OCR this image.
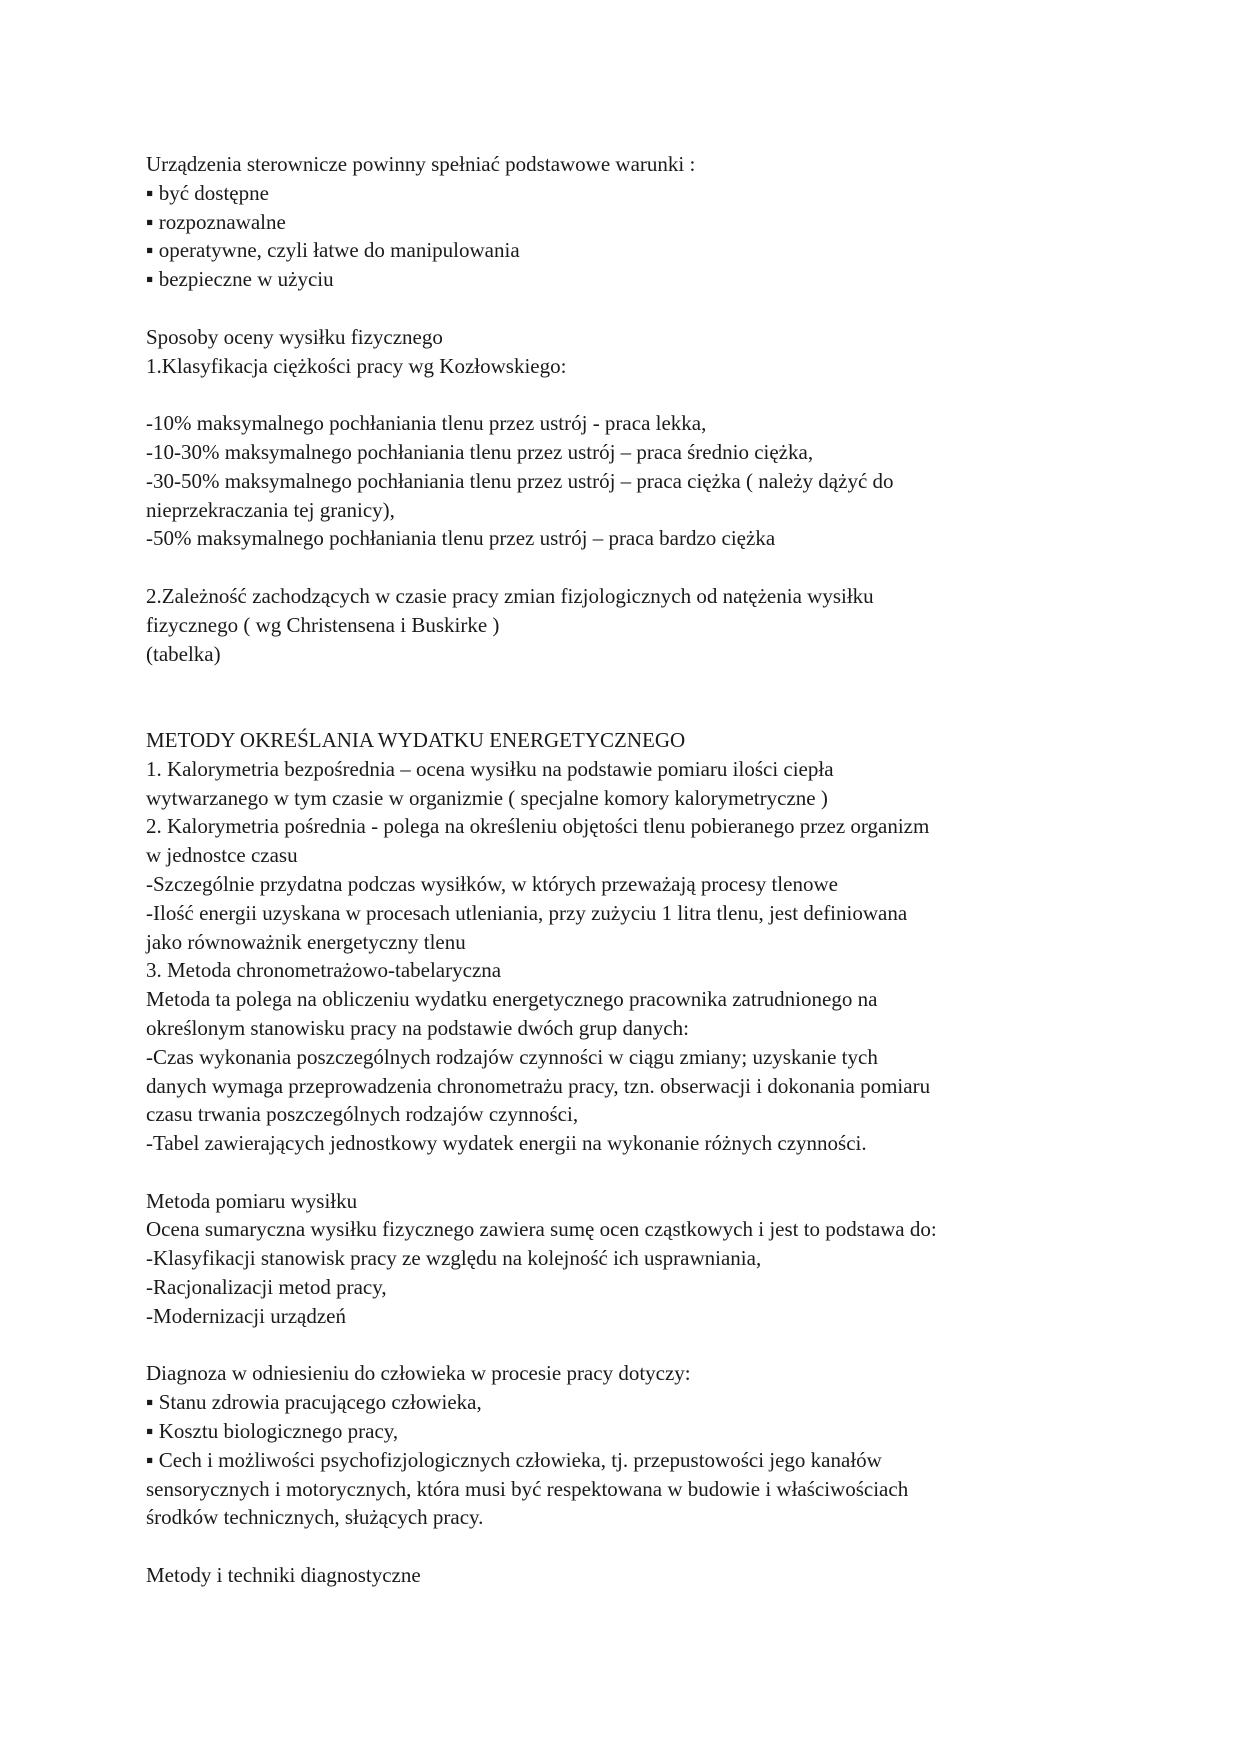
Urządzenia sterownicze powinny spełniać podstawowe warunki :
▪ być dostępne
▪ rozpoznawalne
▪ operatywne, czyli łatwe do manipulowania
▪ bezpieczne w użyciu
Sposoby oceny wysiłku fizycznego
1.Klasyfikacja ciężkości pracy wg Kozłowskiego:
-10% maksymalnego pochłaniania tlenu przez ustrój - praca lekka,
-10-30% maksymalnego pochłaniania tlenu przez ustrój – praca średnio ciężka,
-30-50% maksymalnego pochłaniania tlenu przez ustrój – praca ciężka ( należy dążyć do
nieprzekraczania tej granicy),
-50% maksymalnego pochłaniania tlenu przez ustrój – praca bardzo ciężka
2.Zależność zachodzących w czasie pracy zmian fizjologicznych od natężenia wysiłku
fizycznego ( wg Christensena i Buskirke )
(tabelka)
METODY OKREŚLANIA WYDATKU ENERGETYCZNEGO
1. Kalorymetria bezpośrednia – ocena wysiłku na podstawie pomiaru ilości ciepła
wytwarzanego w tym czasie w organizmie ( specjalne komory kalorymetryczne )
2. Kalorymetria pośrednia - polega na określeniu objętości tlenu pobieranego przez organizm
w jednostce czasu
-Szczególnie przydatna podczas wysiłków, w których przeważają procesy tlenowe
-Ilość energii uzyskana w procesach utleniania, przy zużyciu 1 litra tlenu, jest definiowana
jako równoważnik energetyczny tlenu
3. Metoda chronometrażowo-tabelaryczna
Metoda ta polega na obliczeniu wydatku energetycznego pracownika zatrudnionego na
określonym stanowisku pracy na podstawie dwóch grup danych:
-Czas wykonania poszczególnych rodzajów czynności w ciągu zmiany; uzyskanie tych
danych wymaga przeprowadzenia chronometrażu pracy, tzn. obserwacji i dokonania pomiaru
czasu trwania poszczególnych rodzajów czynności,
-Tabel zawierających jednostkowy wydatek energii na wykonanie różnych czynności.
Metoda pomiaru wysiłku
Ocena sumaryczna wysiłku fizycznego zawiera sumę ocen cząstkowych i jest to podstawa do:
-Klasyfikacji stanowisk pracy ze względu na kolejność ich usprawniania,
-Racjonalizacji metod pracy,
-Modernizacji urządzeń
Diagnoza w odniesieniu do człowieka w procesie pracy dotyczy:
▪ Stanu zdrowia pracującego człowieka,
▪ Kosztu biologicznego pracy,
▪ Cech i możliwości psychofizjologicznych człowieka, tj. przepustowości jego kanałów
sensorycznych i motorycznych, która musi być respektowana w budowie i właściwościach
środków technicznych, służących pracy.
Metody i techniki diagnostyczne
